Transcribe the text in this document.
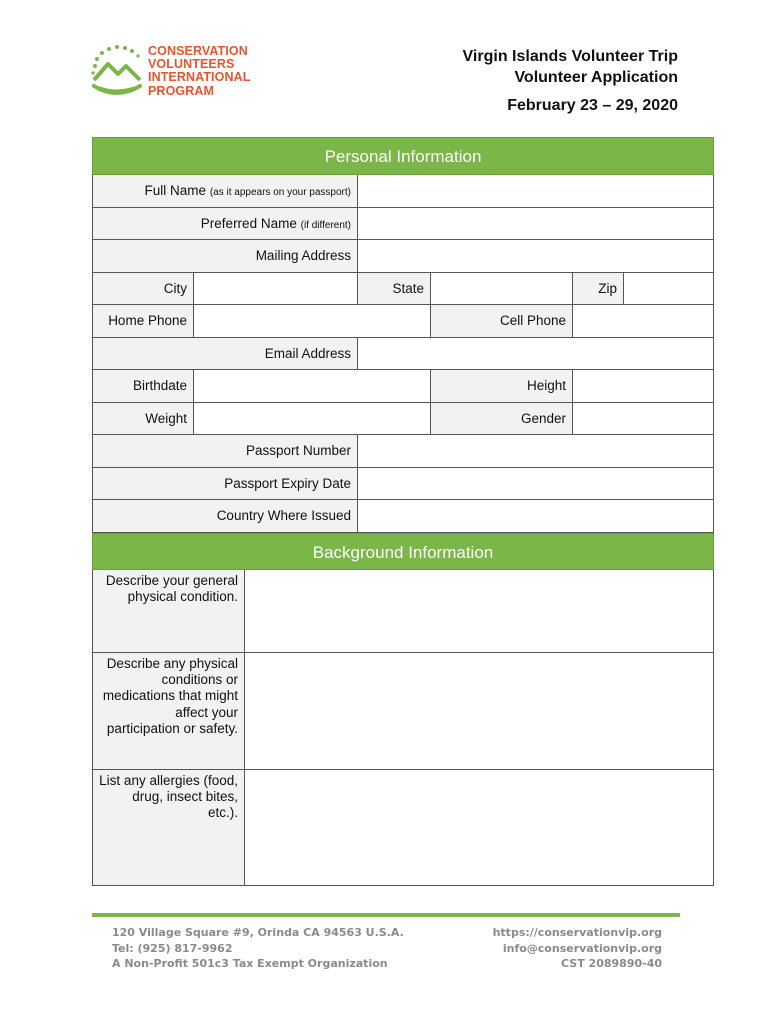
CONSERVATION
VOLUNTEERS
INTERNATIONAL
PROGRAM
Virgin Islands Volunteer Trip
Volunteer Application
February 23 – 29, 2020
Personal Information
Full Name (as it appears on your passport)
Preferred Name (if different)
Mailing Address
City	State	Zip
Home Phone	Cell Phone
Email Address
Birthdate	Height
Weight	Gender
Passport Number
Passport Expiry Date
Country Where Issued
Background Information
Describe your general physical condition.
Describe any physical conditions or medications that might affect your participation or safety.
List any allergies (food, drug, insect bites, etc.).
120 Village Square #9, Orinda CA 94563 U.S.A.
Tel: (925) 817-9962
A Non-Profit 501c3 Tax Exempt Organization
https://conservationvip.org
info@conservationvip.org
CST 2089890-40
